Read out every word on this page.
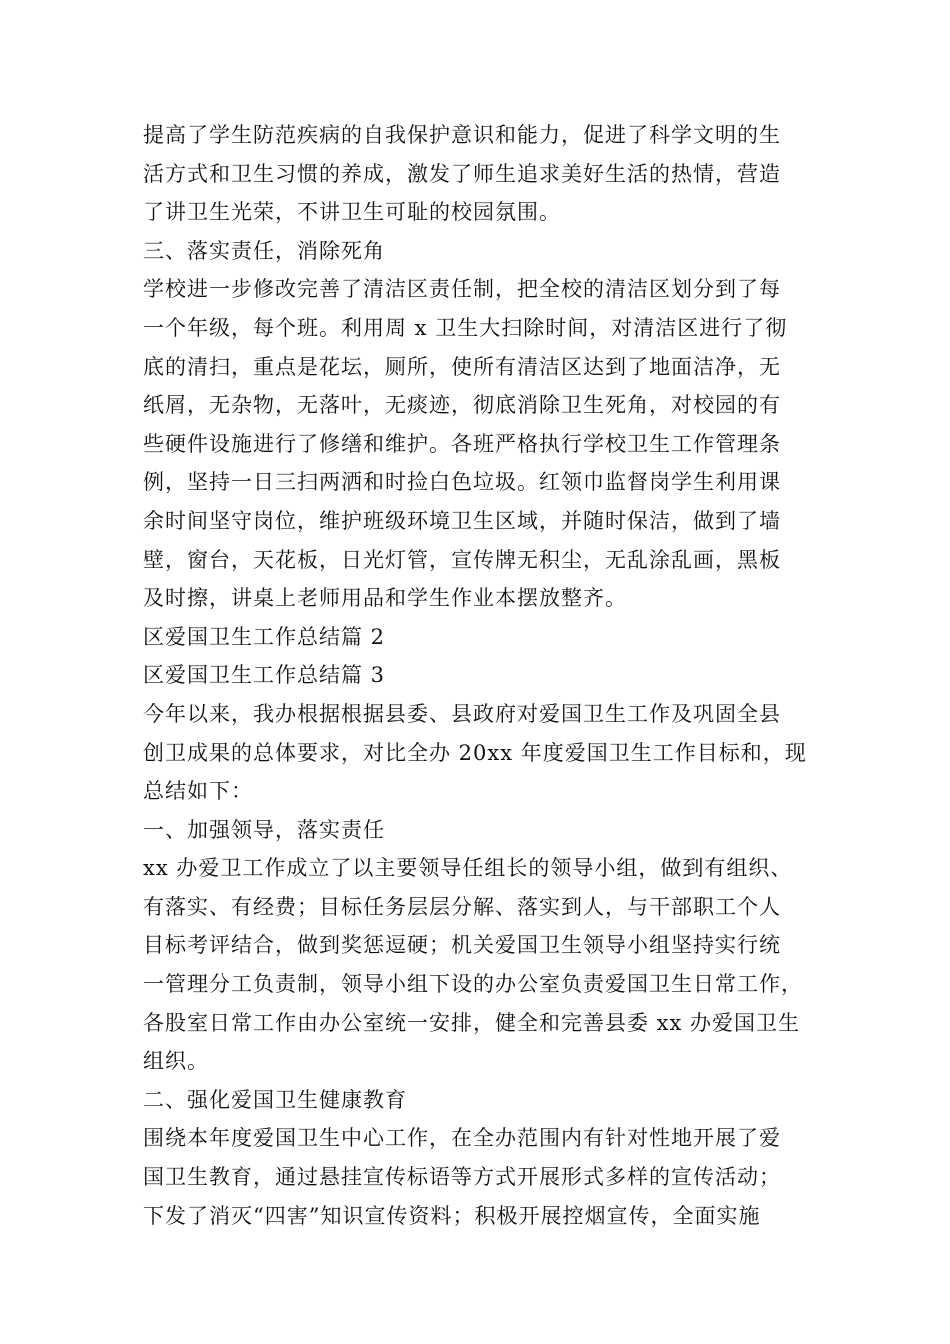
提高了学生防范疾病的自我保护意识和能力，促进了科学文明的生
活方式和卫生习惯的养成，激发了师生追求美好生活的热情，营造
了讲卫生光荣，不讲卫生可耻的校园氛围。
三、落实责任，消除死角
学校进一步修改完善了清洁区责任制，把全校的清洁区划分到了每
一个年级，每个班。利用周 x 卫生大扫除时间，对清洁区进行了彻
底的清扫，重点是花坛，厕所，使所有清洁区达到了地面洁净，无
纸屑，无杂物，无落叶，无痰迹，彻底消除卫生死角，对校园的有
些硬件设施进行了修缮和维护。各班严格执行学校卫生工作管理条
例，坚持一日三扫两洒和时捡白色垃圾。红领巾监督岗学生利用课
余时间坚守岗位，维护班级环境卫生区域，并随时保洁，做到了墙
壁，窗台，天花板，日光灯管，宣传牌无积尘，无乱涂乱画，黑板
及时擦，讲桌上老师用品和学生作业本摆放整齐。
区爱国卫生工作总结篇 2
区爱国卫生工作总结篇 3
今年以来，我办根据根据县委、县政府对爱国卫生工作及巩固全县
创卫成果的总体要求，对比全办 20xx 年度爱国卫生工作目标和，现
总结如下：
一、加强领导，落实责任
xx 办爱卫工作成立了以主要领导任组长的领导小组，做到有组织、
有落实、有经费；目标任务层层分解、落实到人，与干部职工个人
目标考评结合，做到奖惩逗硬；机关爱国卫生领导小组坚持实行统
一管理分工负责制，领导小组下设的办公室负责爱国卫生日常工作，
各股室日常工作由办公室统一安排，健全和完善县委 xx 办爱国卫生
组织。
二、强化爱国卫生健康教育
围绕本年度爱国卫生中心工作，在全办范围内有针对性地开展了爱
国卫生教育，通过悬挂宣传标语等方式开展形式多样的宣传活动；
下发了消灭“四害”知识宣传资料；积极开展控烟宣传，全面实施
